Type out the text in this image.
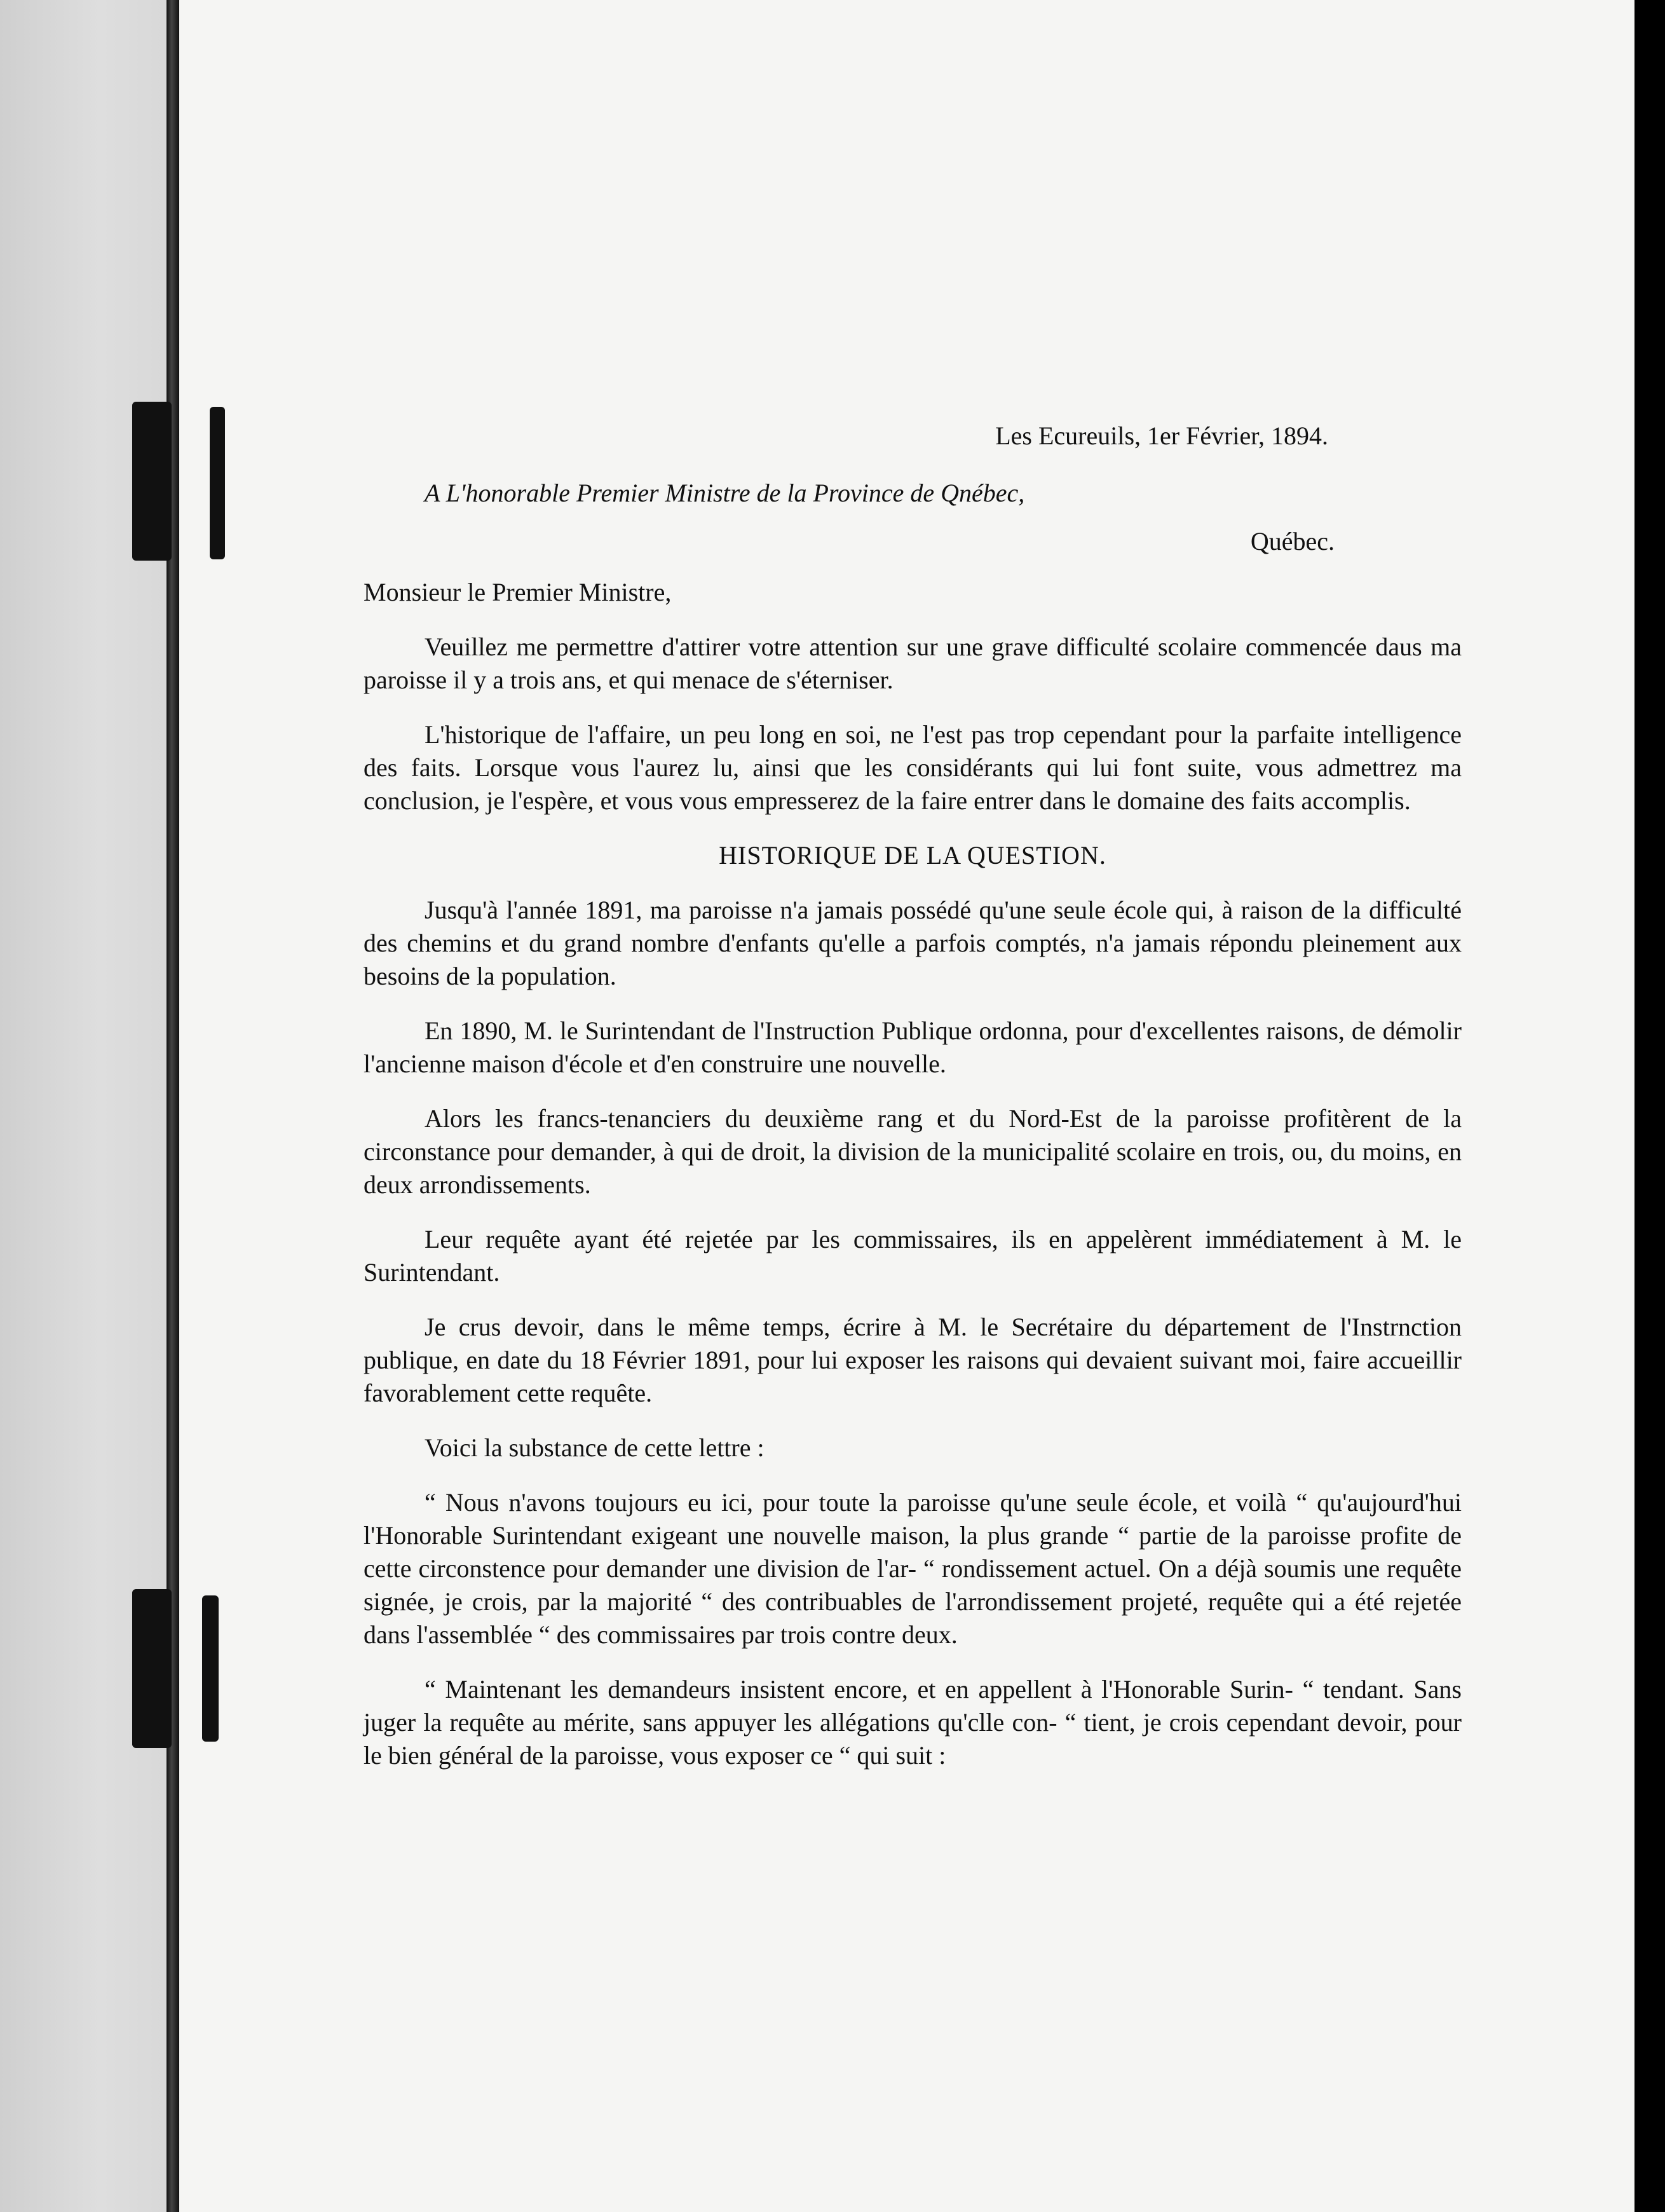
Les Ecureuils, 1er Février, 1894.
A L'honorable Premier Ministre de la Province de Qnébec,
Québec.
Monsieur le Premier Ministre,

Veuillez me permettre d'attirer votre attention sur une grave difficulté scolaire commencée daus ma paroisse il y a trois ans, et qui menace de s'éterniser.

L'historique de l'affaire, un peu long en soi, ne l'est pas trop cependant pour la parfaite intelligence des faits. Lorsque vous l'aurez lu, ainsi que les considérants qui lui font suite, vous admettrez ma conclusion, je l'espère, et vous vous empresserez de la faire entrer dans le domaine des faits accomplis.

HISTORIQUE DE LA QUESTION.

Jusqu'à l'année 1891, ma paroisse n'a jamais possédé qu'une seule école qui, à raison de la difficulté des chemins et du grand nombre d'enfants qu'elle a parfois comptés, n'a jamais répondu pleinement aux besoins de la population.

En 1890, M. le Surintendant de l'Instruction Publique ordonna, pour d'excellentes raisons, de démolir l'ancienne maison d'école et d'en construire une nouvelle.

Alors les francs-tenanciers du deuxième rang et du Nord-Est de la paroisse profitèrent de la circonstance pour demander, à qui de droit, la division de la municipalité scolaire en trois, ou, du moins, en deux arrondissements.

Leur requête ayant été rejetée par les commissaires, ils en appelèrent immédiatement à M. le Surintendant.

Je crus devoir, dans le même temps, écrire à M. le Secrétaire du département de l'Instrnction publique, en date du 18 Février 1891, pour lui exposer les raisons qui devaient suivant moi, faire accueillir favorablement cette requête.

Voici la substance de cette lettre :

“ Nous n'avons toujours eu ici, pour toute la paroisse qu'une seule école, et voilà “ qu'aujourd'hui l'Honorable Surintendant exigeant une nouvelle maison, la plus grande “ partie de la paroisse profite de cette circonstence pour demander une division de l'ar- “ rondissement actuel. On a déjà soumis une requête signée, je crois, par la majorité “ des contribuables de l'arrondissement projeté, requête qui a été rejetée dans l'assemblée “ des commissaires par trois contre deux.

“ Maintenant les demandeurs insistent encore, et en appellent à l'Honorable Surin- “ tendant. Sans juger la requête au mérite, sans appuyer les allégations qu'clle con- “ tient, je crois cependant devoir, pour le bien général de la paroisse, vous exposer ce “ qui suit :
